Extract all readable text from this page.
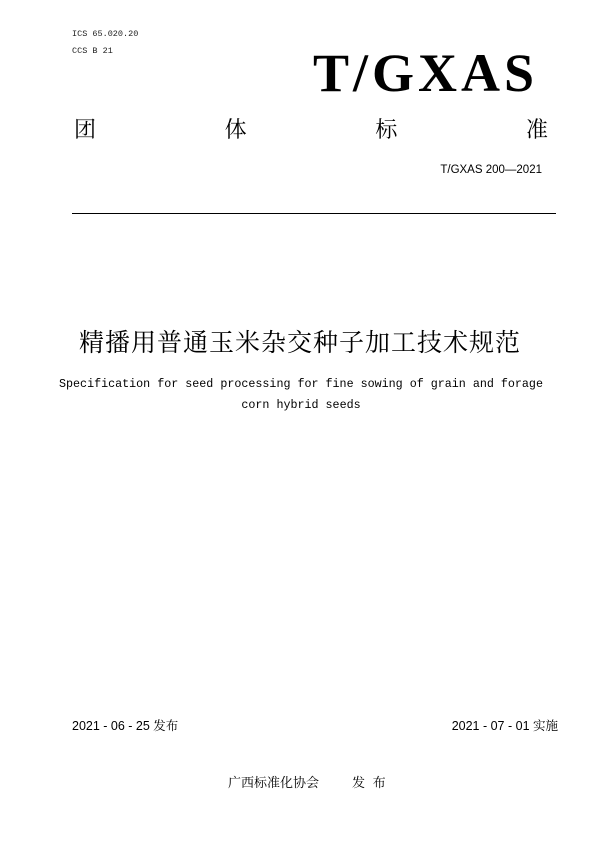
ICS 65.020.20
CCS B 21	T/GXAS
团	体	标	准
T/GXAS 200—2021
精播用普通玉米杂交种子加工技术规范
Specification for seed processing for fine sowing of grain and forage
corn hybrid seeds
2021 - 06 - 25 发布	2021 - 07 - 01 实施
广西标准化协会	发 布
